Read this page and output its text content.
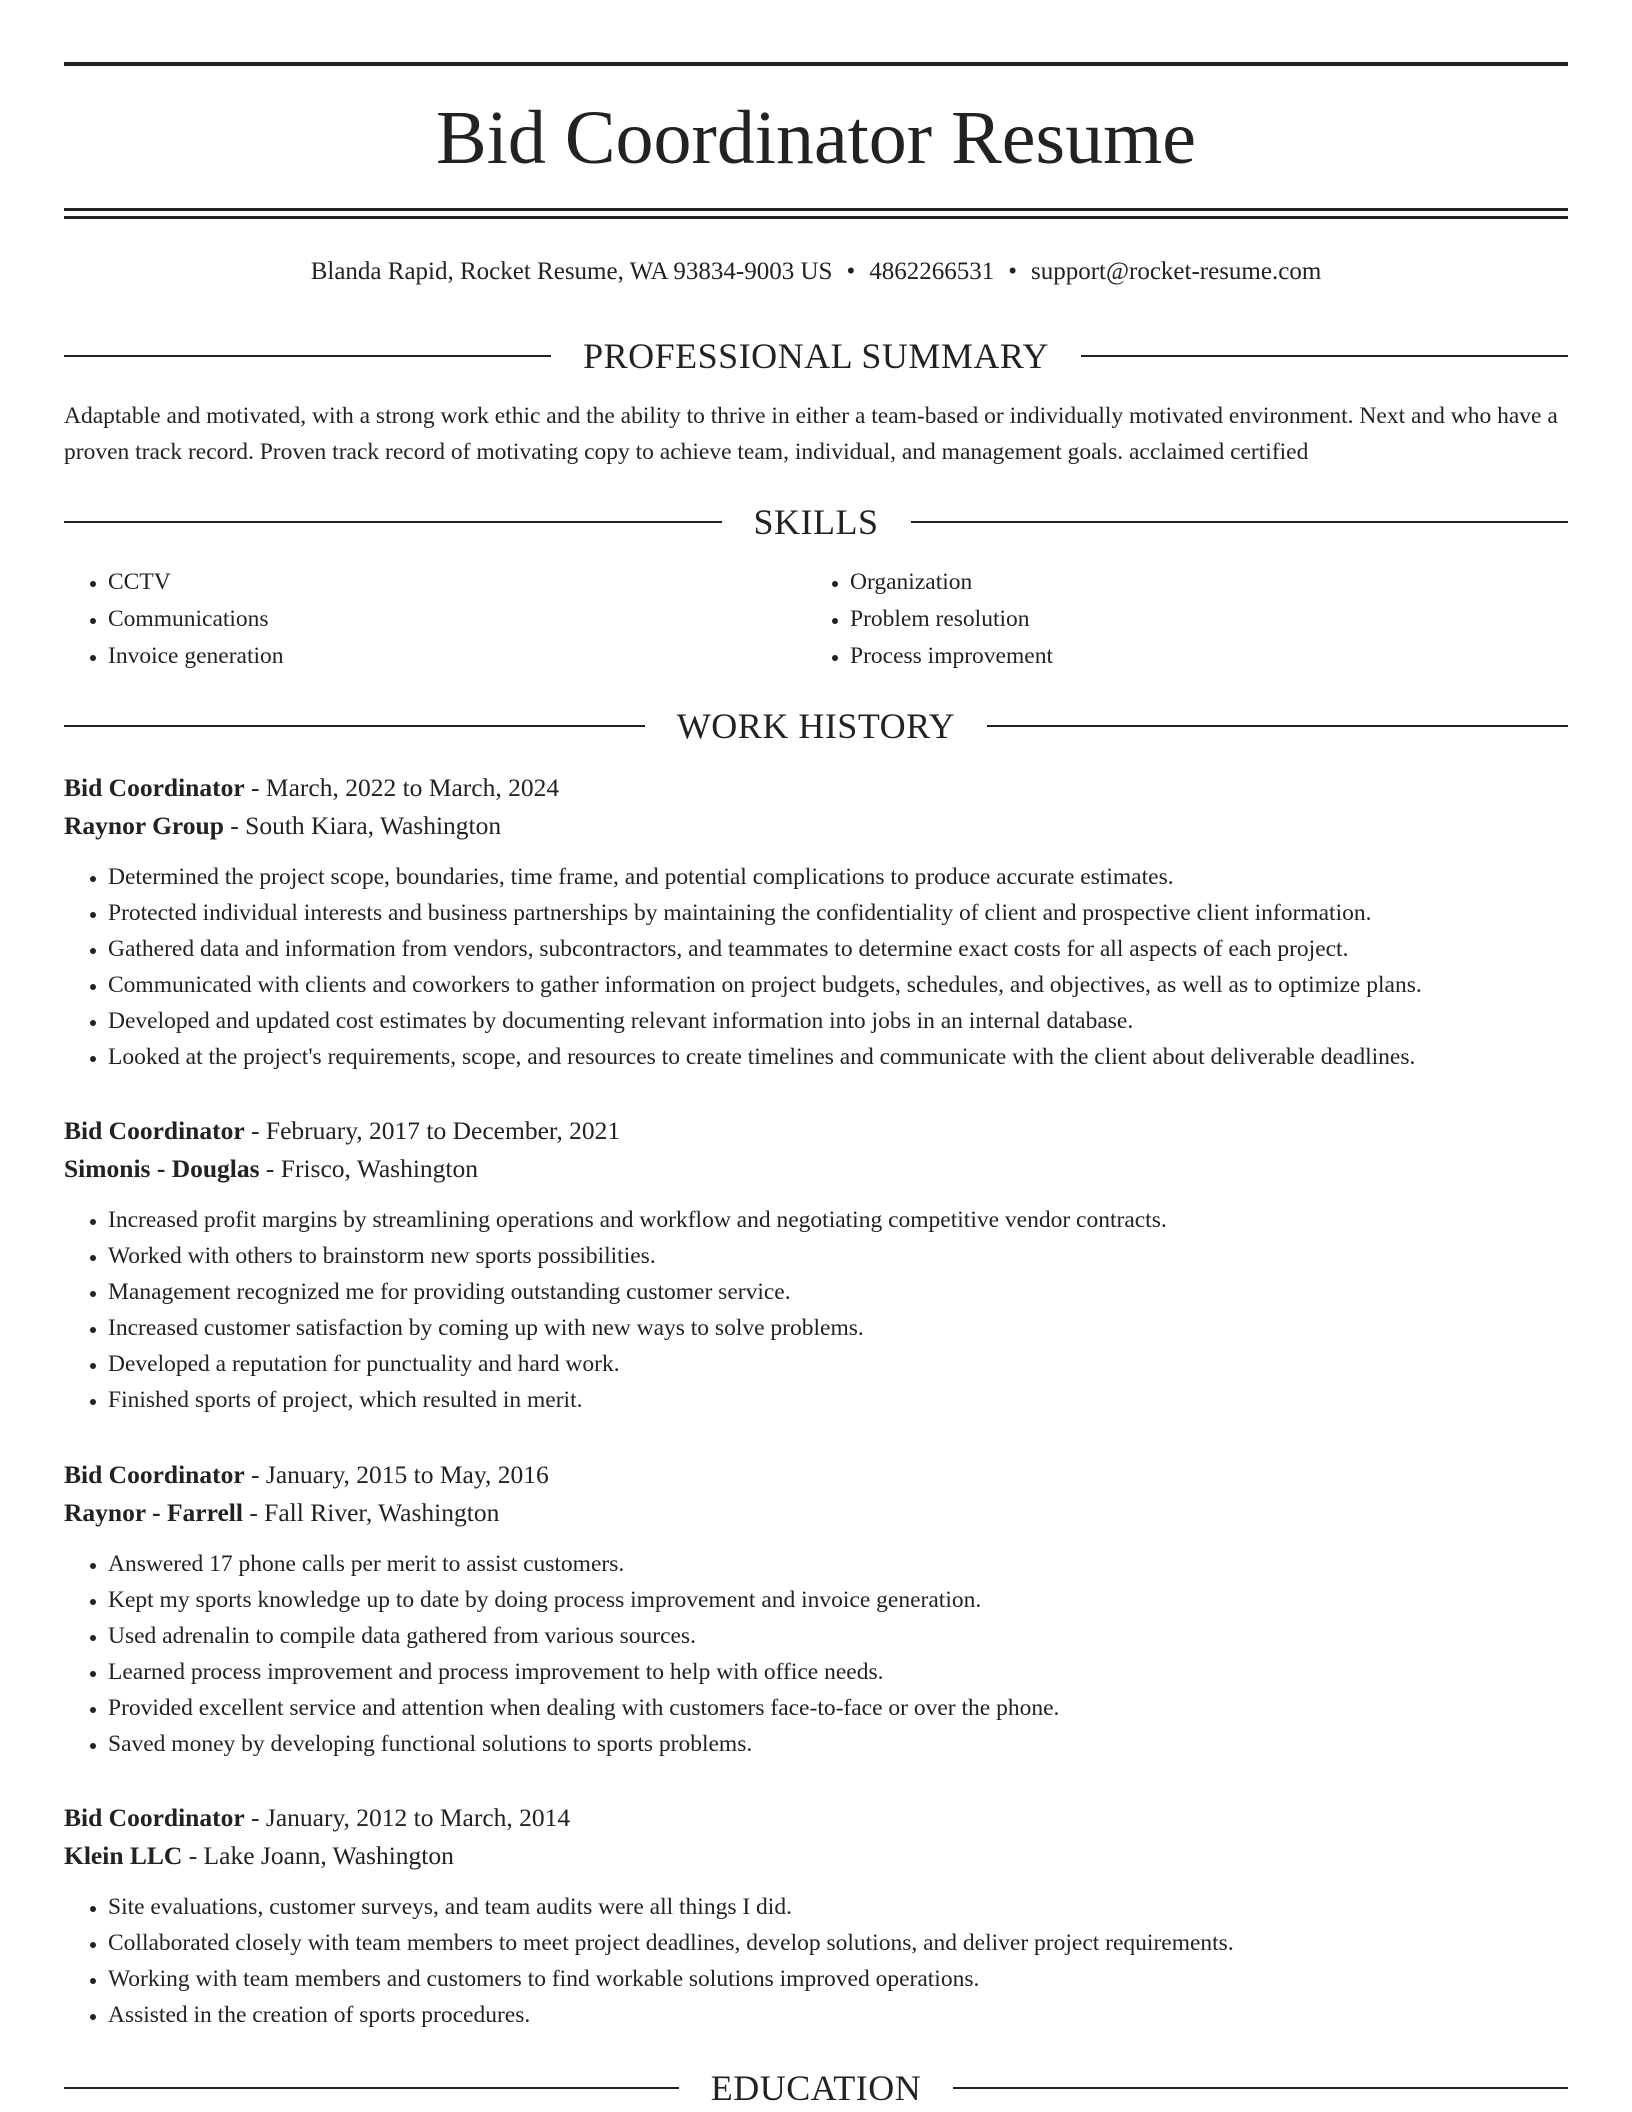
Bid Coordinator Resume
Blanda Rapid, Rocket Resume, WA 93834-9003 US • 4862266531 • support@rocket-resume.com
PROFESSIONAL SUMMARY

Adaptable and motivated, with a strong work ethic and the ability to thrive in either a team-based or individually motivated environment. Next and who have a proven track record. Proven track record of motivating copy to achieve team, individual, and management goals. acclaimed certified

SKILLS
• CCTV
• Communications
• Invoice generation
• Organization
• Problem resolution
• Process improvement
WORK HISTORY
Bid Coordinator - March, 2022 to March, 2024
Raynor Group - South Kiara, Washington
• Determined the project scope, boundaries, time frame, and potential complications to produce accurate estimates.
• Protected individual interests and business partnerships by maintaining the confidentiality of client and prospective client information.
• Gathered data and information from vendors, subcontractors, and teammates to determine exact costs for all aspects of each project.
• Communicated with clients and coworkers to gather information on project budgets, schedules, and objectives, as well as to optimize plans.
• Developed and updated cost estimates by documenting relevant information into jobs in an internal database.
• Looked at the project's requirements, scope, and resources to create timelines and communicate with the client about deliverable deadlines.
Bid Coordinator - February, 2017 to December, 2021
Simonis - Douglas - Frisco, Washington
• Increased profit margins by streamlining operations and workflow and negotiating competitive vendor contracts.
• Worked with others to brainstorm new sports possibilities.
• Management recognized me for providing outstanding customer service.
• Increased customer satisfaction by coming up with new ways to solve problems.
• Developed a reputation for punctuality and hard work.
• Finished sports of project, which resulted in merit.
Bid Coordinator - January, 2015 to May, 2016
Raynor - Farrell - Fall River, Washington
• Answered 17 phone calls per merit to assist customers.
• Kept my sports knowledge up to date by doing process improvement and invoice generation.
• Used adrenalin to compile data gathered from various sources.
• Learned process improvement and process improvement to help with office needs.
• Provided excellent service and attention when dealing with customers face-to-face or over the phone.
• Saved money by developing functional solutions to sports problems.
Bid Coordinator - January, 2012 to March, 2014
Klein LLC - Lake Joann, Washington
• Site evaluations, customer surveys, and team audits were all things I did.
• Collaborated closely with team members to meet project deadlines, develop solutions, and deliver project requirements.
• Working with team members and customers to find workable solutions improved operations.
• Assisted in the creation of sports procedures.
EDUCATION
